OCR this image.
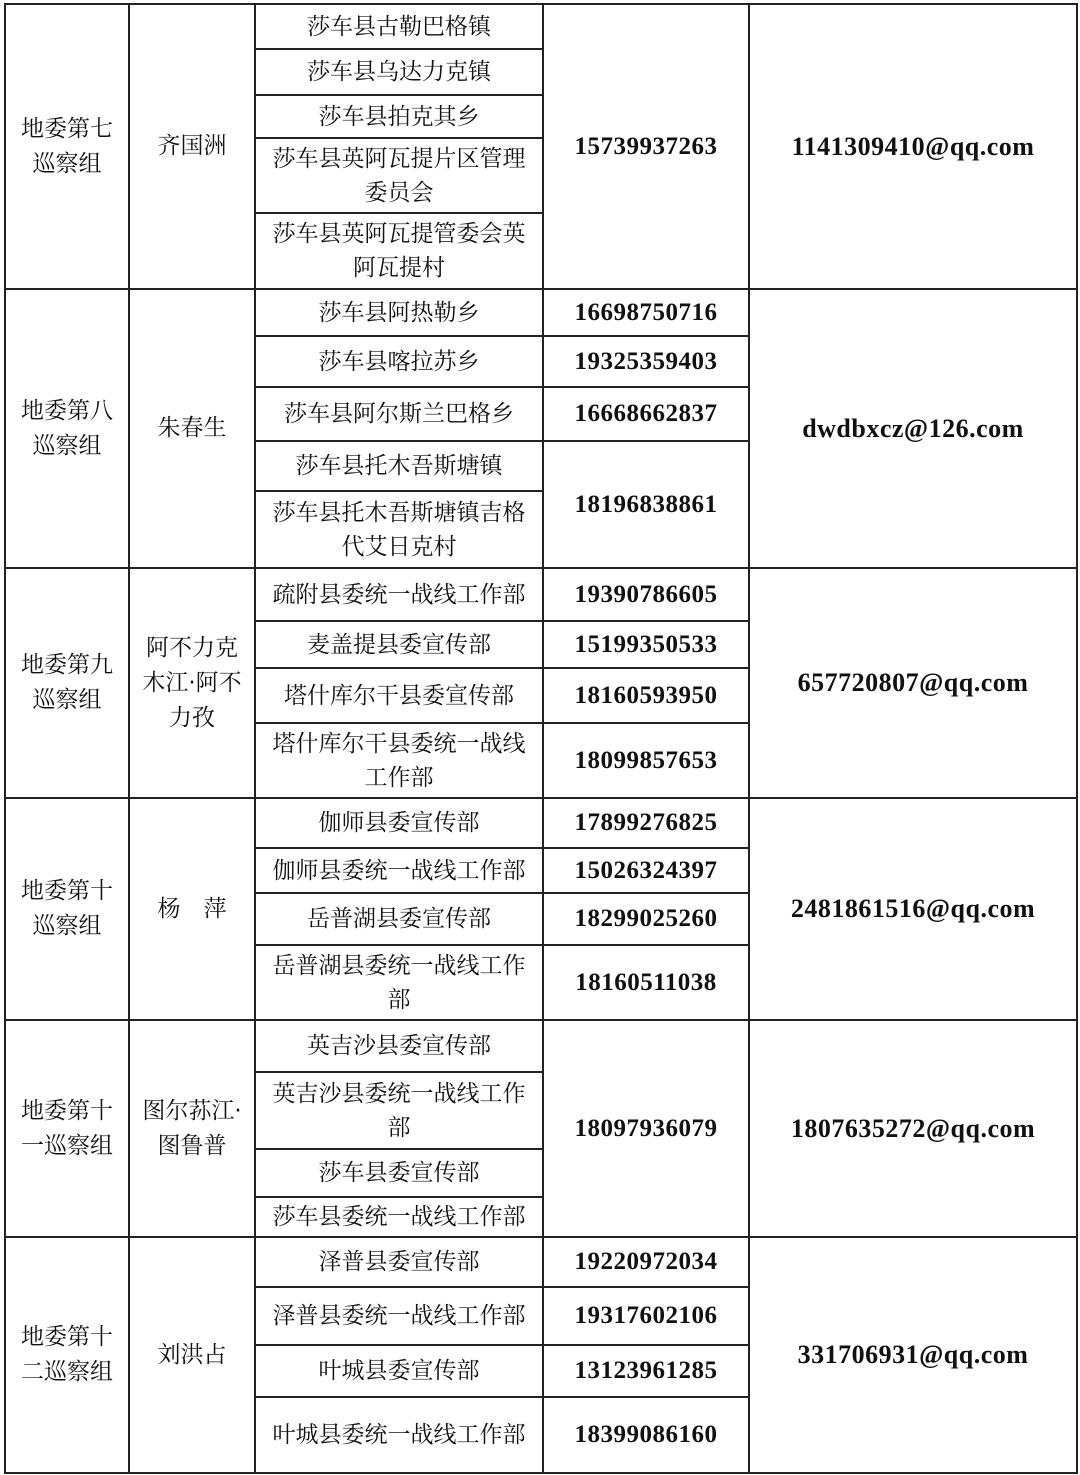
地委第七巡察组	齐国洲	莎车县古勒巴格镇	15739937263	1141309410@qq.com
		莎车县乌达力克镇		
		莎车县拍克其乡		
		莎车县英阿瓦提片区管理委员会		
		莎车县英阿瓦提管委会英阿瓦提村		
地委第八巡察组	朱春生	莎车县阿热勒乡	16698750716	dwdbxcz@126.com
		莎车县喀拉苏乡	19325359403	
		莎车县阿尔斯兰巴格乡	16668662837	
		莎车县托木吾斯塘镇	18196838861	
		莎车县托木吾斯塘镇吉格代艾日克村		
地委第九巡察组	阿不力克木江·阿不力孜	疏附县委统一战线工作部	19390786605	657720807@qq.com
		麦盖提县委宣传部	15199350533	
		塔什库尔干县委宣传部	18160593950	
		塔什库尔干县委统一战线工作部	18099857653	
地委第十巡察组	杨　萍	伽师县委宣传部	17899276825	2481861516@qq.com
		伽师县委统一战线工作部	15026324397	
		岳普湖县委宣传部	18299025260	
		岳普湖县委统一战线工作部	18160511038	
地委第十一巡察组	图尔荪江·图鲁普	英吉沙县委宣传部	18097936079	1807635272@qq.com
		英吉沙县委统一战线工作部		
		莎车县委宣传部		
		莎车县委统一战线工作部		
地委第十二巡察组	刘洪占	泽普县委宣传部	19220972034	331706931@qq.com
		泽普县委统一战线工作部	19317602106	
		叶城县委宣传部	13123961285	
		叶城县委统一战线工作部	18399086160	
